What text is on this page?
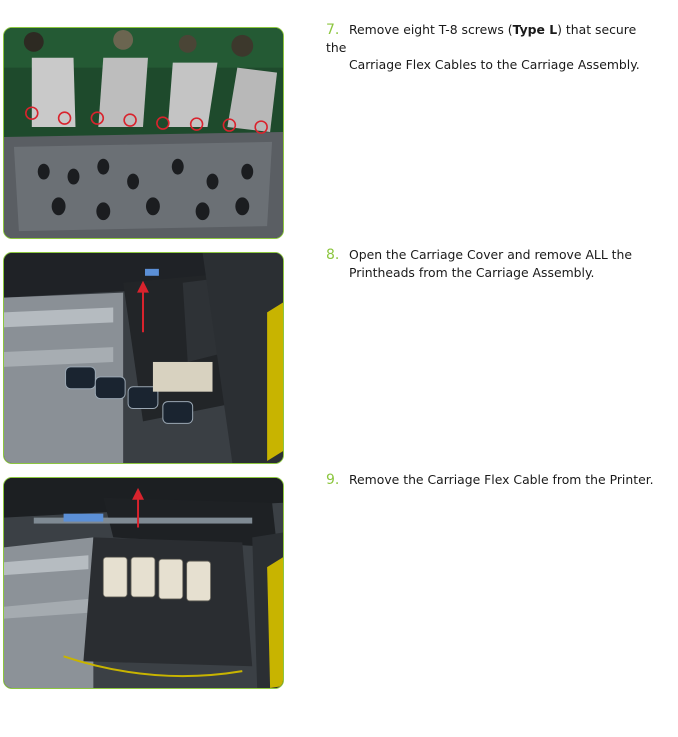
7. Remove eight T-8 screws (Type L) that secure the
Carriage Flex Cables to the Carriage Assembly.
8. Open the Carriage Cover and remove ALL the
Printheads from the Carriage Assembly.
9. Remove the Carriage Flex Cable from the Printer.
